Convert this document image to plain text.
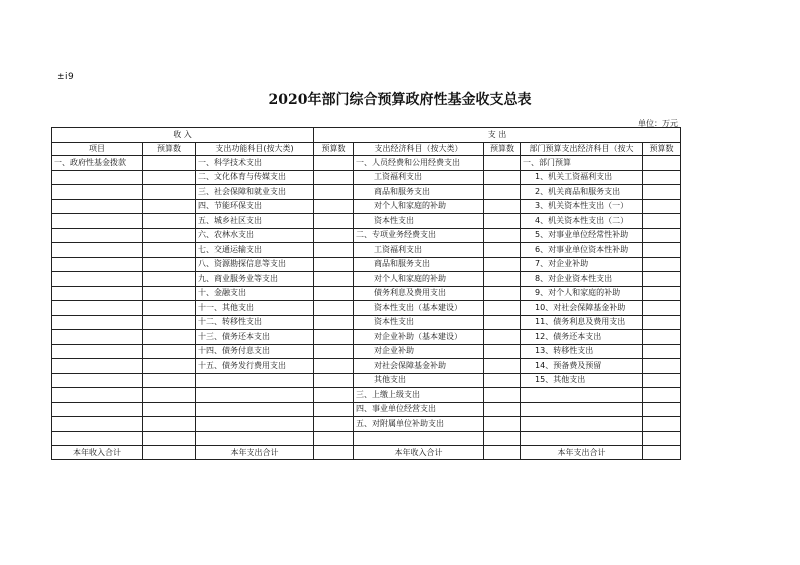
±i9
2020年部门综合预算政府性基金收支总表
单位：万元
收 入			支 出				
项目	预算数	支出功能科目(按大类)	预算数	支出经济科目（按大类）	预算数	部门预算支出经济科目（按大	预算数
一、政府性基金拨款		一、科学技术支出		一、人员经费和公用经费支出		一、部门预算	
		二、文化体育与传媒支出		工资福利支出		1、机关工资福利支出	
		三、社会保障和就业支出		商品和服务支出		2、机关商品和服务支出	
		四、节能环保支出		对个人和家庭的补助		3、机关资本性支出（一）	
		五、城乡社区支出		资本性支出		4、机关资本性支出（二）	
		六、农林水支出		二、专项业务经费支出		5、对事业单位经常性补助	
		七、交通运输支出		工资福利支出		6、对事业单位资本性补助	
		八、资源勘探信息等支出		商品和服务支出		7、对企业补助	
		九、商业服务业等支出		对个人和家庭的补助		8、对企业资本性支出	
		十、金融支出		债务利息及费用支出		9、对个人和家庭的补助	
		十一、其他支出		资本性支出（基本建设）		10、对社会保障基金补助	
		十二、转移性支出		资本性支出		11、债务利息及费用支出	
		十三、债务还本支出		对企业补助（基本建设）		12、债务还本支出	
		十四、债务付息支出		对企业补助		13、转移性支出	
		十五、债务发行费用支出		对社会保障基金补助		14、预备费及预留	
				其他支出		15、其他支出	
				三、上缴上级支出			
				四、事业单位经营支出			
				五、对附属单位补助支出			

本年收入合计		本年支出合计		本年收入合计		本年支出合计	
